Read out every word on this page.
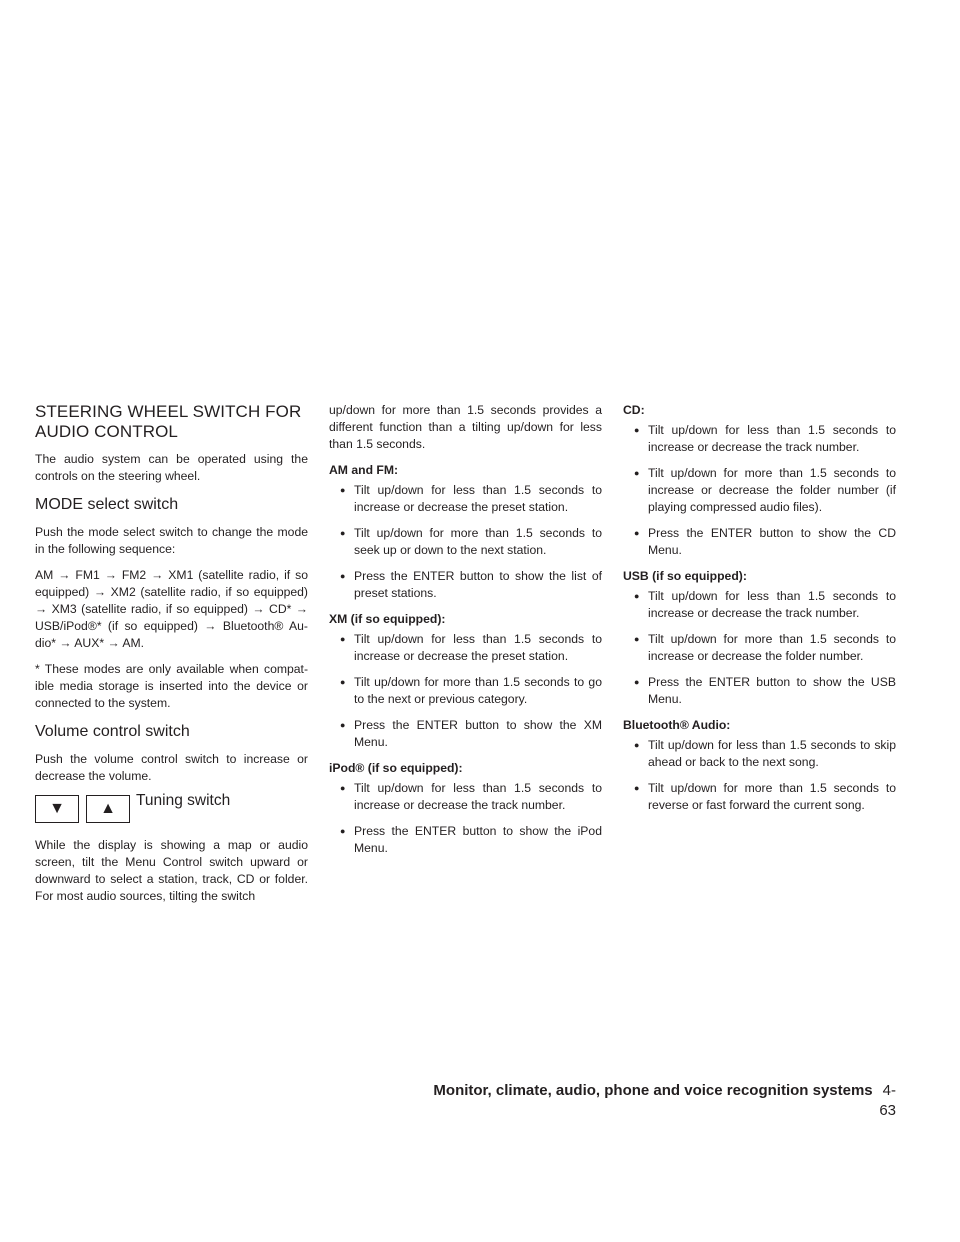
STEERING WHEEL SWITCH FOR
AUDIO CONTROL

The audio system can be operated using the controls on the steering wheel.

MODE select switch

Push the mode select switch to change the mode in the following sequence:

AM → FM1 → FM2 → XM1 (satellite radio, if so equipped) → XM2 (satellite radio, if so equipped) → XM3 (satellite radio, if so equipped) → CD* → USB/iPod®* (if so equipped) → Bluetooth® Au-dio* → AUX* → AM.

* These modes are only available when compat-ible media storage is inserted into the device or connected to the system.

Volume control switch

Push the volume control switch to increase or decrease the volume.

▼ ▲ Tuning switch

While the display is showing a map or audio screen, tilt the Menu Control switch upward or downward to select a station, track, CD or folder. For most audio sources, tilting the switch

up/down for more than 1.5 seconds provides a different function than a tilting up/down for less than 1.5 seconds.

AM and FM:
● Tilt up/down for less than 1.5 seconds to increase or decrease the preset station.
● Tilt up/down for more than 1.5 seconds to seek up or down to the next station.
● Press the ENTER button to show the list of preset stations.
XM (if so equipped):
● Tilt up/down for less than 1.5 seconds to increase or decrease the preset station.
● Tilt up/down for more than 1.5 seconds to go to the next or previous category.
● Press the ENTER button to show the XM Menu.
iPod® (if so equipped):
● Tilt up/down for less than 1.5 seconds to increase or decrease the track number.
● Press the ENTER button to show the iPod Menu.
CD:
● Tilt up/down for less than 1.5 seconds to increase or decrease the track number.
● Tilt up/down for more than 1.5 seconds to increase or decrease the folder number (if playing compressed audio files).
● Press the ENTER button to show the CD Menu.
USB (if so equipped):
● Tilt up/down for less than 1.5 seconds to increase or decrease the track number.
● Tilt up/down for more than 1.5 seconds to increase or decrease the folder number.
● Press the ENTER button to show the USB Menu.
Bluetooth® Audio:
● Tilt up/down for less than 1.5 seconds to skip ahead or back to the next song.
● Tilt up/down for more than 1.5 seconds to reverse or fast forward the current song.
Monitor, climate, audio, phone and voice recognition systems 4-63
